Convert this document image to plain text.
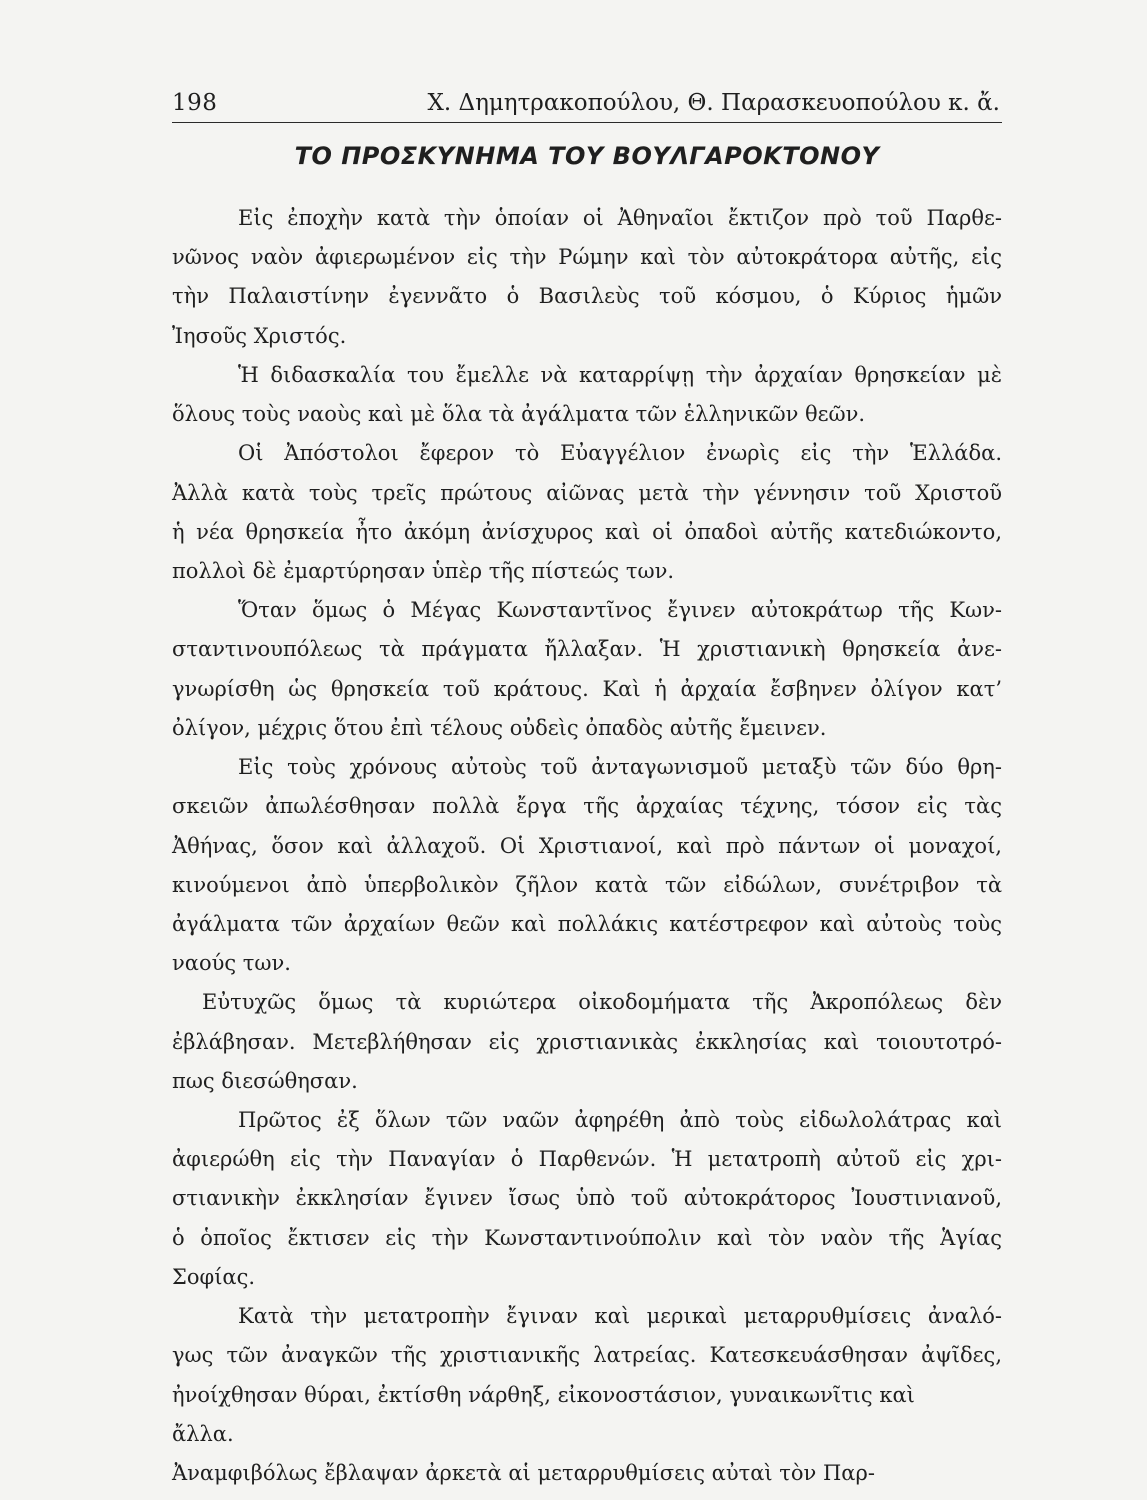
198	Χ. Δημητρακοπούλου, Θ. Παρασκευοπούλου κ. ἄ.
ΤΟ ΠΡΟΣΚΥΝΗΜΑ ΤΟΥ ΒΟΥΛΓΑΡΟΚΤΟΝΟΥ
Εἰς ἐποχὴν κατὰ τὴν ὁποίαν οἱ Ἀθηναῖοι ἔκτιζον πρὸ τοῦ Παρθε-
νῶνος ναὸν ἀφιερωμένον εἰς τὴν Ρώμην καὶ τὸν αὐτοκράτορα αὐτῆς, εἰς
τὴν Παλαιστίνην ἐγεννᾶτο ὁ Βασιλεὺς τοῦ κόσμου, ὁ Κύριος ἡμῶν
Ἰησοῦς Χριστός.
Ἡ διδασκαλία του ἔμελλε νὰ καταρρίψῃ τὴν ἀρχαίαν θρησκείαν μὲ
ὅλους τοὺς ναοὺς καὶ μὲ ὅλα τὰ ἀγάλματα τῶν ἑλληνικῶν θεῶν.
Οἱ Ἀπόστολοι ἔφερον τὸ Εὐαγγέλιον ἐνωρὶς εἰς τὴν Ἑλλάδα.
Ἀλλὰ κατὰ τοὺς τρεῖς πρώτους αἰῶνας μετὰ τὴν γέννησιν τοῦ Χριστοῦ
ἡ νέα θρησκεία ἦτο ἀκόμη ἀνίσχυρος καὶ οἱ ὀπαδοὶ αὐτῆς κατεδιώκοντο,
πολλοὶ δὲ ἐμαρτύρησαν ὑπὲρ τῆς πίστεώς των.
Ὅταν ὅμως ὁ Μέγας Κωνσταντῖνος ἔγινεν αὐτοκράτωρ τῆς Κων-
σταντινουπόλεως τὰ πράγματα ἤλλαξαν. Ἡ χριστιανικὴ θρησκεία ἀνε-
γνωρίσθη ὡς θρησκεία τοῦ κράτους. Καὶ ἡ ἀρχαία ἔσβηνεν ὀλίγον κατ’
ὀλίγον, μέχρις ὅτου ἐπὶ τέλους οὐδεὶς ὀπαδὸς αὐτῆς ἔμεινεν.
Εἰς τοὺς χρόνους αὐτοὺς τοῦ ἀνταγωνισμοῦ μεταξὺ τῶν δύο θρη-
σκειῶν ἀπωλέσθησαν πολλὰ ἔργα τῆς ἀρχαίας τέχνης, τόσον εἰς τὰς
Ἀθήνας, ὅσον καὶ ἀλλαχοῦ. Οἱ Χριστιανοί, καὶ πρὸ πάντων οἱ μοναχοί,
κινούμενοι ἀπὸ ὑπερβολικὸν ζῆλον κατὰ τῶν εἰδώλων, συνέτριβον τὰ
ἀγάλματα τῶν ἀρχαίων θεῶν καὶ πολλάκις κατέστρεφον καὶ αὐτοὺς τοὺς
ναούς των.
Εὐτυχῶς ὅμως τὰ κυριώτερα οἰκοδομήματα τῆς Ἀκροπόλεως δὲν
ἐβλάβησαν. Μετεβλήθησαν εἰς χριστιανικὰς ἐκκλησίας καὶ τοιουτοτρό-
πως διεσώθησαν.
Πρῶτος ἐξ ὅλων τῶν ναῶν ἀφηρέθη ἀπὸ τοὺς εἰδωλολάτρας καὶ
ἀφιερώθη εἰς τὴν Παναγίαν ὁ Παρθενών. Ἡ μετατροπὴ αὐτοῦ εἰς χρι-
στιανικὴν ἐκκλησίαν ἔγινεν ἴσως ὑπὸ τοῦ αὐτοκράτορος Ἰουστινιανοῦ,
ὁ ὁποῖος ἔκτισεν εἰς τὴν Κωνσταντινούπολιν καὶ τὸν ναὸν τῆς Ἁγίας
Σοφίας.
Κατὰ τὴν μετατροπὴν ἔγιναν καὶ μερικαὶ μεταρρυθμίσεις ἀναλό-
γως τῶν ἀναγκῶν τῆς χριστιανικῆς λατρείας. Κατεσκευάσθησαν ἀψῖδες,
ἠνοίχθησαν θύραι, ἐκτίσθη νάρθηξ, εἰκονοστάσιον, γυναικωνῖτις καὶ
ἄλλα.
Ἀναμφιβόλως ἔβλαψαν ἀρκετὰ αἱ μεταρρυθμίσεις αὐταὶ τὸν Παρ-
